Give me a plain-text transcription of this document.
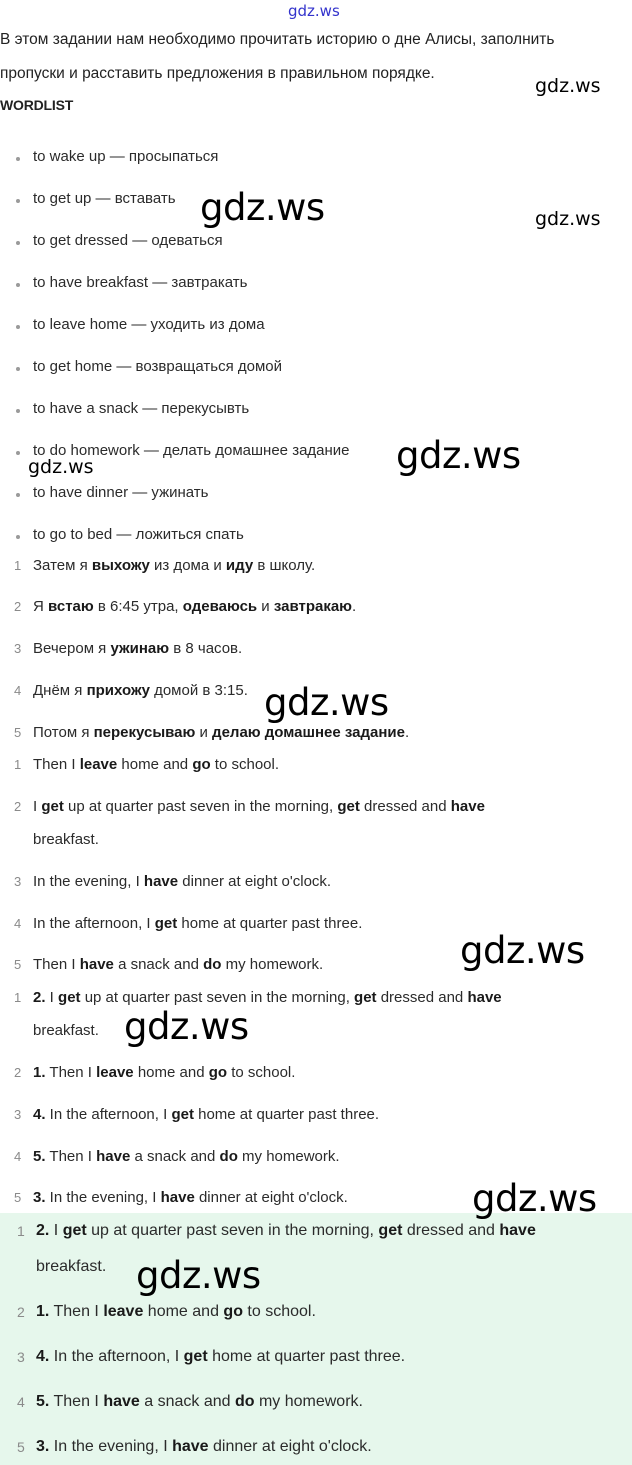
gdz.ws
В этом задании нам необходимо прочитать историю о дне Алисы, заполнить
пропуски и расставить предложения в правильном порядке.
WORDLIST
to wake up — просыпаться
to get up — вставать
to get dressed — одеваться
to have breakfast — завтракать
to leave home — уходить из дома
to get home — возвращаться домой
to have a snack — перекусывть
to do homework — делать домашнее задание
to have dinner — ужинать
to go to bed — ложиться спать
1 Затем я выхожу из дома и иду в школу.
2 Я встаю в 6:45 утра, одеваюсь и завтракаю.
3 Вечером я ужинаю в 8 часов.
4 Днём я прихожу домой в 3:15.
5 Потом я перекусываю и делаю домашнее задание.
1 Then I leave home and go to school.
2 I get up at quarter past seven in the morning, get dressed and have
breakfast.
3 In the evening, I have dinner at eight o'clock.
4 In the afternoon, I get home at quarter past three.
5 Then I have a snack and do my homework.
1 2. I get up at quarter past seven in the morning, get dressed and have
breakfast.
2 1. Then I leave home and go to school.
3 4. In the afternoon, I get home at quarter past three.
4 5. Then I have a snack and do my homework.
5 3. In the evening, I have dinner at eight o'clock.
1 2. I get up at quarter past seven in the morning, get dressed and have
breakfast.
2 1. Then I leave home and go to school.
3 4. In the afternoon, I get home at quarter past three.
4 5. Then I have a snack and do my homework.
5 3. In the evening, I have dinner at eight o'clock.
gdz.ws
gdz.ws	gdz.ws
gdz.ws
gdz.ws
gdz.ws
gdz.ws
gdz.ws
gdz.ws
gdz.ws
